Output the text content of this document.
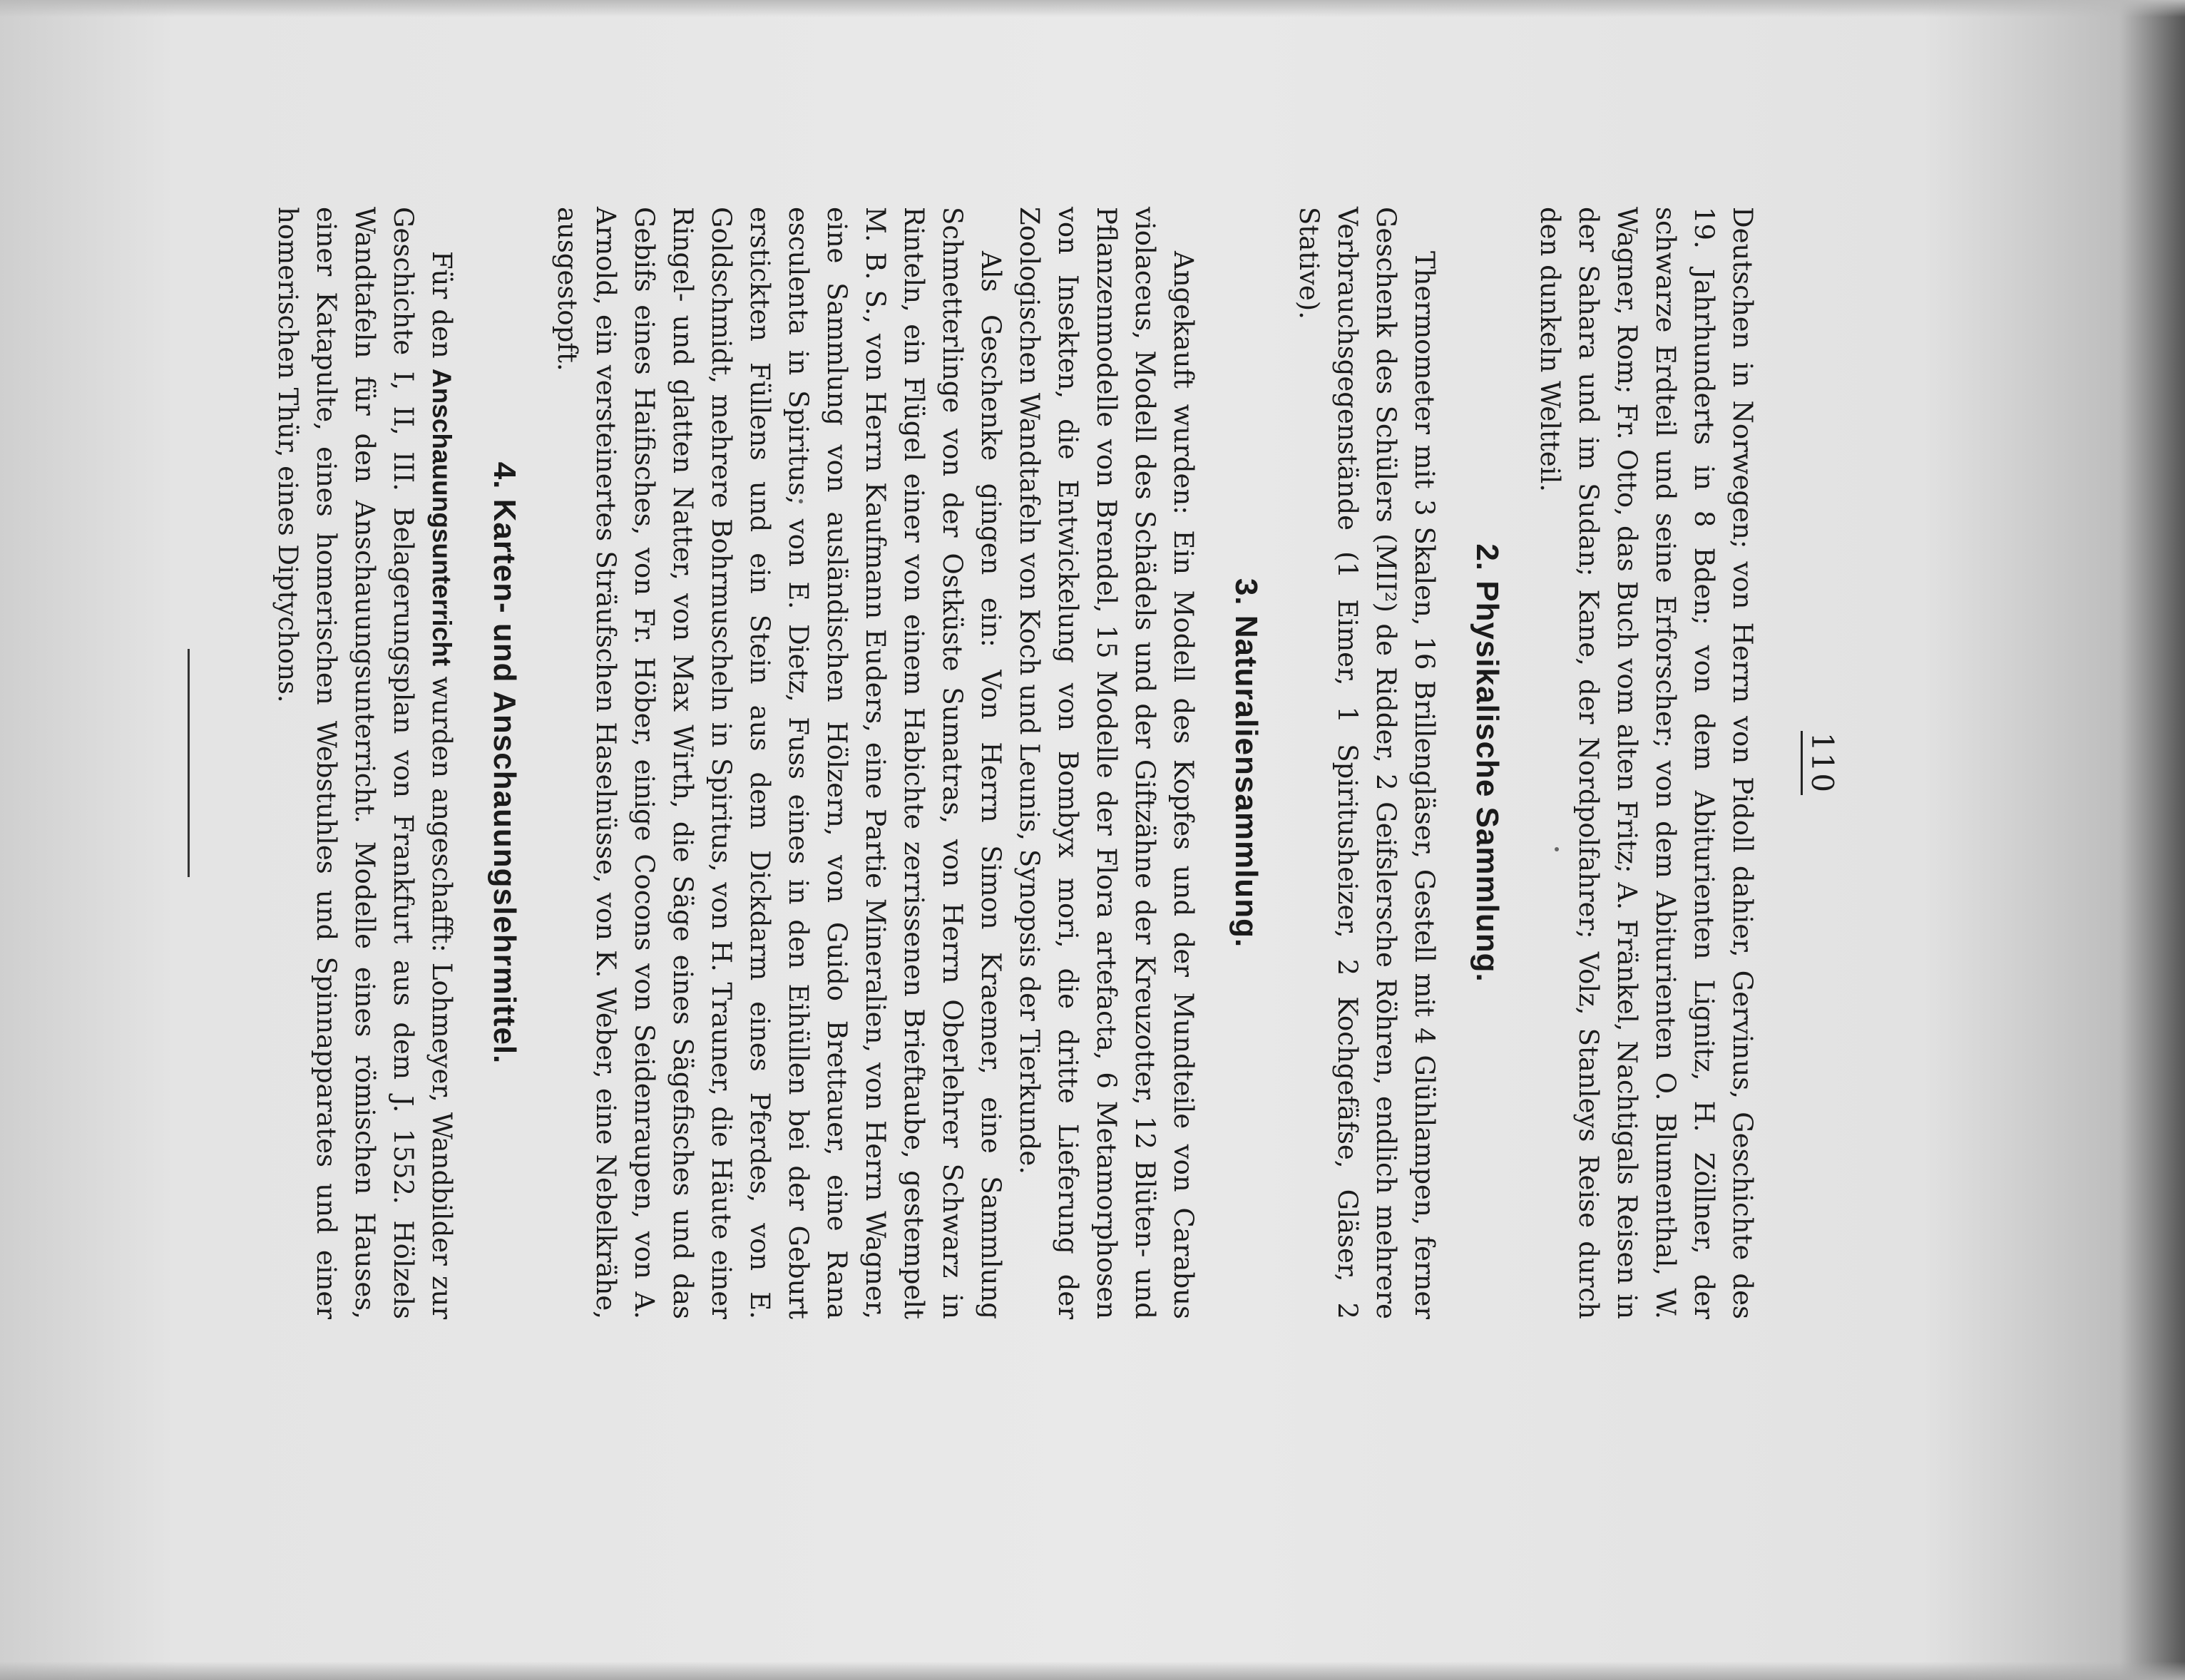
110

Deutschen in Norwegen; von Herrn von Pidoll dahier, Gervinus, Geschichte des 19. Jahrhunderts in 8 Bden; von dem Abiturienten Lignitz, H. Zöllner, der schwarze Erdteil und seine Erforscher; von dem Abiturienten O. Blumenthal, W. Wagner, Rom; Fr. Otto, das Buch vom alten Fritz; A. Fränkel, Nachtigals Reisen in der Sahara und im Sudan; Kane, der Nordpolfahrer; Volz, Stanleys Reise durch den dunkeln Weltteil.

2. Physikalische Sammlung.

Thermometer mit 3 Skalen, 16 Brillengläser, Gestell mit 4 Glühlampen, ferner Geschenk des Schülers (MII²) de Ridder, 2 Geifslersche Röhren, endlich mehrere Verbrauchsgegenstände (1 Eimer, 1 Spiritusheizer, 2 Kochgefäfse, Gläser, 2 Stative).

3. Naturaliensammlung.

Angekauft wurden: Ein Modell des Kopfes und der Mundteile von Carabus violaceus, Modell des Schädels und der Giftzähne der Kreuzotter, 12 Blüten- und Pflanzenmodelle von Brendel, 15 Modelle der Flora artefacta, 6 Metamorphosen von Insekten, die Entwickelung von Bombyx mori, die dritte Lieferung der Zoologischen Wandtafeln von Koch und Leunis, Synopsis der Tierkunde.

Als Geschenke gingen ein: Von Herrn Simon Kraemer, eine Sammlung Schmetterlinge von der Ostküste Sumatras, von Herrn Oberlehrer Schwarz in Rinteln, ein Flügel einer von einem Habichte zerrissenen Brieftaube, gestempelt M. B. S., von Herrn Kaufmann Euders, eine Partie Mineralien, von Herrn Wagner, eine Sammlung von ausländischen Hölzern, von Guido Brettauer, eine Rana esculenta in Spiritus, von E. Dietz, Fuss eines in den Eihüllen bei der Geburt erstickten Füllens und ein Stein aus dem Dickdarm eines Pferdes, von E. Goldschmidt, mehrere Bohrmuscheln in Spiritus, von H. Trauner, die Häute einer Ringel- und glatten Natter, von Max Wirth, die Säge eines Sägefisches und das Gebifs eines Haifisches, von Fr. Höber, einige Cocons von Seidenraupen, von A. Arnold, ein versteinertes Sträufschen Haselnüsse, von K. Weber, eine Nebelkrähe, ausgestopft.

4. Karten- und Anschauungslehrmittel.

Für den Anschauungsunterricht wurden angeschafft: Lohmeyer, Wandbilder zur Geschichte I, II, III. Belagerungsplan von Frankfurt aus dem J. 1552. Hölzels Wandtafeln für den Anschauungsunterricht. Modelle eines römischen Hauses, einer Katapulte, eines homerischen Webstuhles und Spinnapparates und einer homerischen Thür, eines Diptychons.
